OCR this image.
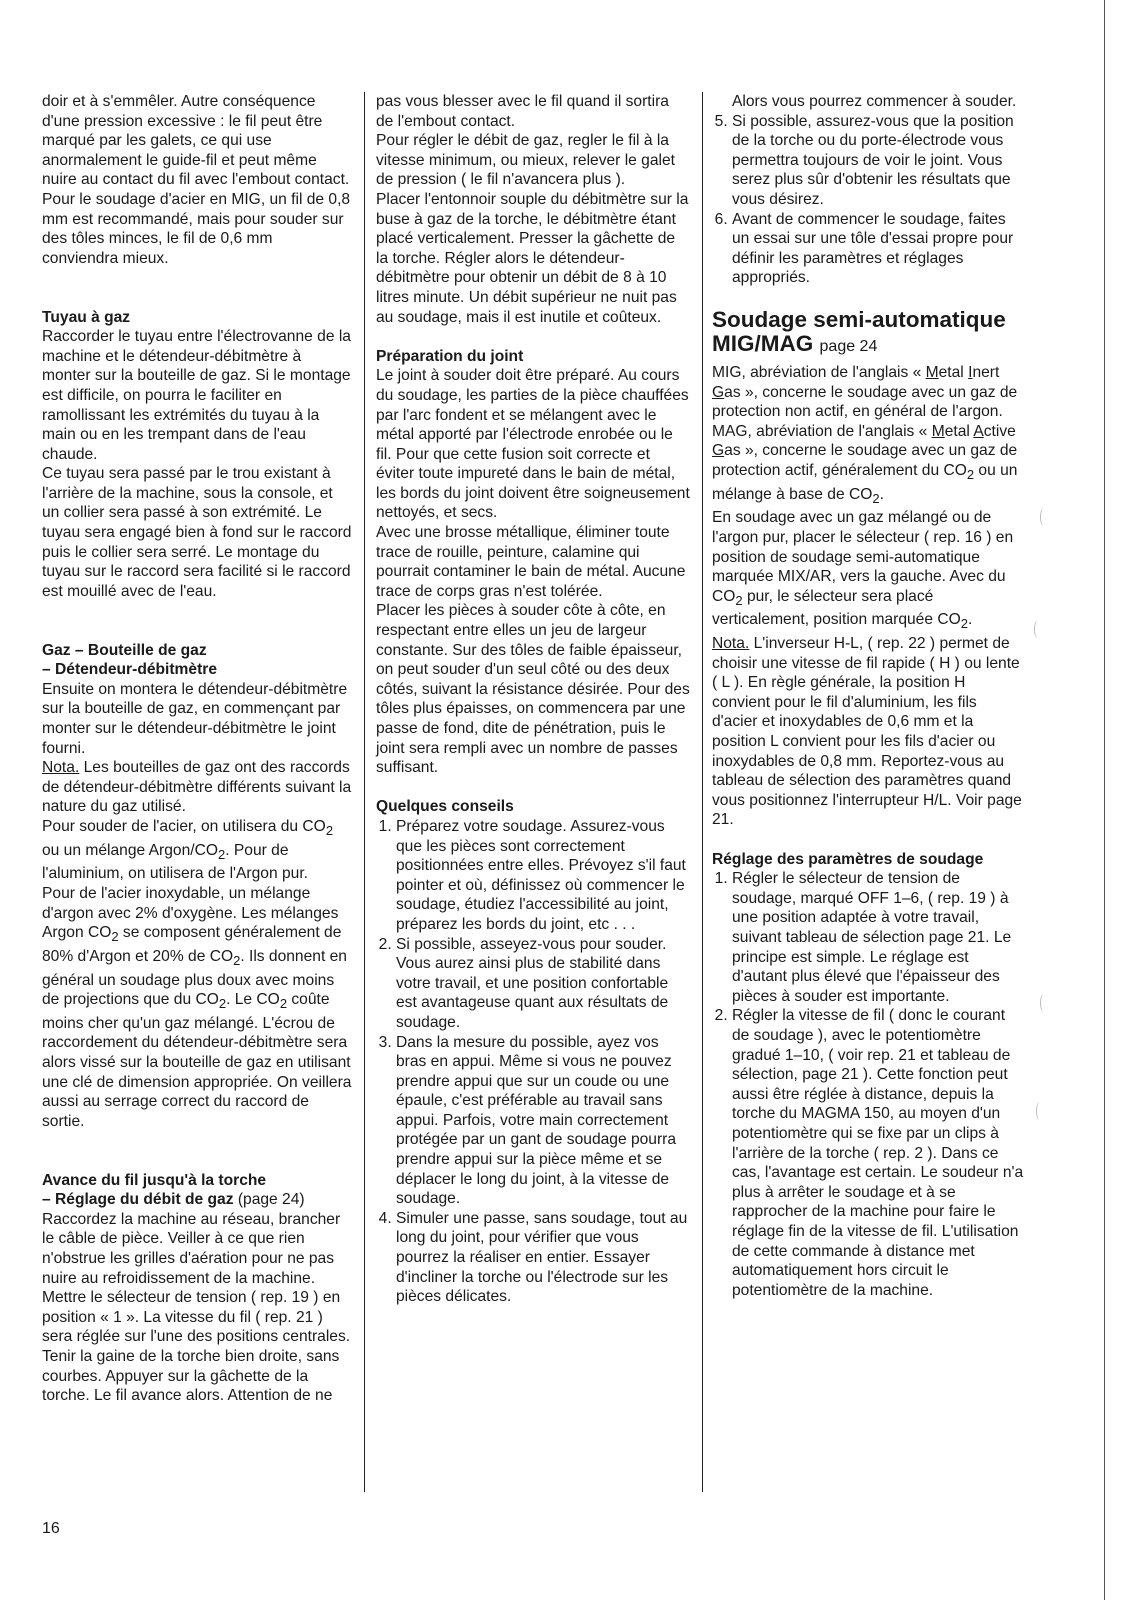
doir et à s'emmêler. Autre conséquence d'une pression excessive : le fil peut être marqué par les galets, ce qui use anormalement le guide-fil et peut même nuire au contact du fil avec l'embout contact.

Pour le soudage d'acier en MIG, un fil de 0,8 mm est recommandé, mais pour souder sur des tôles minces, le fil de 0,6 mm conviendra mieux.

Tuyau à gaz

Raccorder le tuyau entre l'électrovanne de la machine et le détendeur-débitmètre à monter sur la bouteille de gaz. Si le montage est difficile, on pourra le faciliter en ramollissant les extrémités du tuyau à la main ou en les trempant dans de l'eau chaude.

Ce tuyau sera passé par le trou existant à l'arrière de la machine, sous la console, et un collier sera passé à son extrémité. Le tuyau sera engagé bien à fond sur le raccord puis le collier sera serré. Le montage du tuyau sur le raccord sera facilité si le raccord est mouillé avec de l'eau.

Gaz – Bouteille de gaz
– Détendeur-débitmètre

Ensuite on montera le détendeur-débitmètre sur la bouteille de gaz, en commençant par monter sur le détendeur-débitmètre le joint fourni.

Nota. Les bouteilles de gaz ont des raccords de détendeur-débitmètre différents suivant la nature du gaz utilisé.

Pour souder de l'acier, on utilisera du $CO_2$ ou un mélange Argon/$CO_2$. Pour de l'aluminium, on utilisera de l'Argon pur.

Pour de l'acier inoxydable, un mélange d'argon avec 2% d'oxygène. Les mélanges Argon $CO_2$ se composent généralement de 80% d'Argon et 20% de $CO_2$. Ils donnent en général un soudage plus doux avec moins de projections que du $CO_2$. Le $CO_2$ coûte moins cher qu'un gaz mélangé. L'écrou de raccordement du détendeur-débitmètre sera alors vissé sur la bouteille de gaz en utilisant une clé de dimension appropriée. On veillera aussi au serrage correct du raccord de sortie.

Avance du fil jusqu'à la torche
– Réglage du débit de gaz (page 24)

Raccordez la machine au réseau, brancher le câble de pièce. Veiller à ce que rien n'obstrue les grilles d'aération pour ne pas nuire au refroidissement de la machine.

Mettre le sélecteur de tension ( rep. 19 ) en position « 1 ». La vitesse du fil ( rep. 21 ) sera réglée sur l'une des positions centrales. Tenir la gaine de la torche bien droite, sans courbes. Appuyer sur la gâchette de la torche. Le fil avance alors. Attention de ne

pas vous blesser avec le fil quand il sortira de l'embout contact.

Pour régler le débit de gaz, regler le fil à la vitesse minimum, ou mieux, relever le galet de pression ( le fil n'avancera plus ).

Placer l'entonnoir souple du débitmètre sur la buse à gaz de la torche, le débitmètre étant placé verticalement. Presser la gâchette de la torche. Régler alors le détendeur-débitmètre pour obtenir un débit de 8 à 10 litres minute. Un débit supérieur ne nuit pas au soudage, mais il est inutile et coûteux.

Préparation du joint

Le joint à souder doit être préparé. Au cours du soudage, les parties de la pièce chauffées par l'arc fondent et se mélangent avec le métal apporté par l'électrode enrobée ou le fil. Pour que cette fusion soit correcte et éviter toute impureté dans le bain de métal, les bords du joint doivent être soigneusement nettoyés, et secs.

Avec une brosse métallique, éliminer toute trace de rouille, peinture, calamine qui pourrait contaminer le bain de métal. Aucune trace de corps gras n'est tolérée.

Placer les pièces à souder côte à côte, en respectant entre elles un jeu de largeur constante. Sur des tôles de faible épaisseur, on peut souder d'un seul côté ou des deux côtés, suivant la résistance désirée. Pour des tôles plus épaisses, on commencera par une passe de fond, dite de pénétration, puis le joint sera rempli avec un nombre de passes suffisant.

Quelques conseils

1. Préparez votre soudage. Assurez-vous que les pièces sont correctement positionnées entre elles. Prévoyez s'il faut pointer et où, définissez où commencer le soudage, étudiez l'accessibilité au joint, préparez les bords du joint, etc . . .
2. Si possible, asseyez-vous pour souder. Vous aurez ainsi plus de stabilité dans votre travail, et une position confortable est avantageuse quant aux résultats de soudage.
3. Dans la mesure du possible, ayez vos bras en appui. Même si vous ne pouvez prendre appui que sur un coude ou une épaule, c'est préférable au travail sans appui. Parfois, votre main correctement protégée par un gant de soudage pourra prendre appui sur la pièce même et se déplacer le long du joint, à la vitesse de soudage.
4. Simuler une passe, sans soudage, tout au long du joint, pour vérifier que vous pourrez la réaliser en entier. Essayer d'incliner la torche ou l'électrode sur les pièces délicates.

Alors vous pourrez commencer à souder.

5. Si possible, assurez-vous que la position de la torche ou du porte-électrode vous permettra toujours de voir le joint. Vous serez plus sûr d'obtenir les résultats que vous désirez.
6. Avant de commencer le soudage, faites un essai sur une tôle d'essai propre pour définir les paramètres et réglages appropriés.
Soudage semi-automatique MIG/MAG page 24

MIG, abréviation de l'anglais « Metal Inert Gas », concerne le soudage avec un gaz de protection non actif, en général de l'argon.

MAG, abréviation de l'anglais « Metal Active Gas », concerne le soudage avec un gaz de protection actif, généralement du $CO_2$ ou un mélange à base de $CO_2$.

En soudage avec un gaz mélangé ou de l'argon pur, placer le sélecteur ( rep. 16 ) en position de soudage semi-automatique marquée MIX/AR, vers la gauche. Avec du $CO_2$ pur, le sélecteur sera placé verticalement, position marquée $CO_2$.

Nota. L'inverseur H-L, ( rep. 22 ) permet de choisir une vitesse de fil rapide ( H ) ou lente ( L ). En règle générale, la position H convient pour le fil d'aluminium, les fils d'acier et inoxydables de 0,6 mm et la position L convient pour les fils d'acier ou inoxydables de 0,8 mm. Reportez-vous au tableau de sélection des paramètres quand vous positionnez l'interrupteur H/L. Voir page 21.

Réglage des paramètres de soudage

1. Régler le sélecteur de tension de soudage, marqué OFF 1–6, ( rep. 19 ) à une position adaptée à votre travail, suivant tableau de sélection page 21. Le principe est simple. Le réglage est d'autant plus élevé que l'épaisseur des pièces à souder est importante.
2. Régler la vitesse de fil ( donc le courant de soudage ), avec le potentiomètre gradué 1–10, ( voir rep. 21 et tableau de sélection, page 21 ). Cette fonction peut aussi être réglée à distance, depuis la torche du MAGMA 150, au moyen d'un potentiomètre qui se fixe par un clips à l'arrière de la torche ( rep. 2 ). Dans ce cas, l'avantage est certain. Le soudeur n'a plus à arrêter le soudage et à se rapprocher de la machine pour faire le réglage fin de la vitesse de fil. L'utilisation de cette commande à distance met automatiquement hors circuit le potentiomètre de la machine.
16
